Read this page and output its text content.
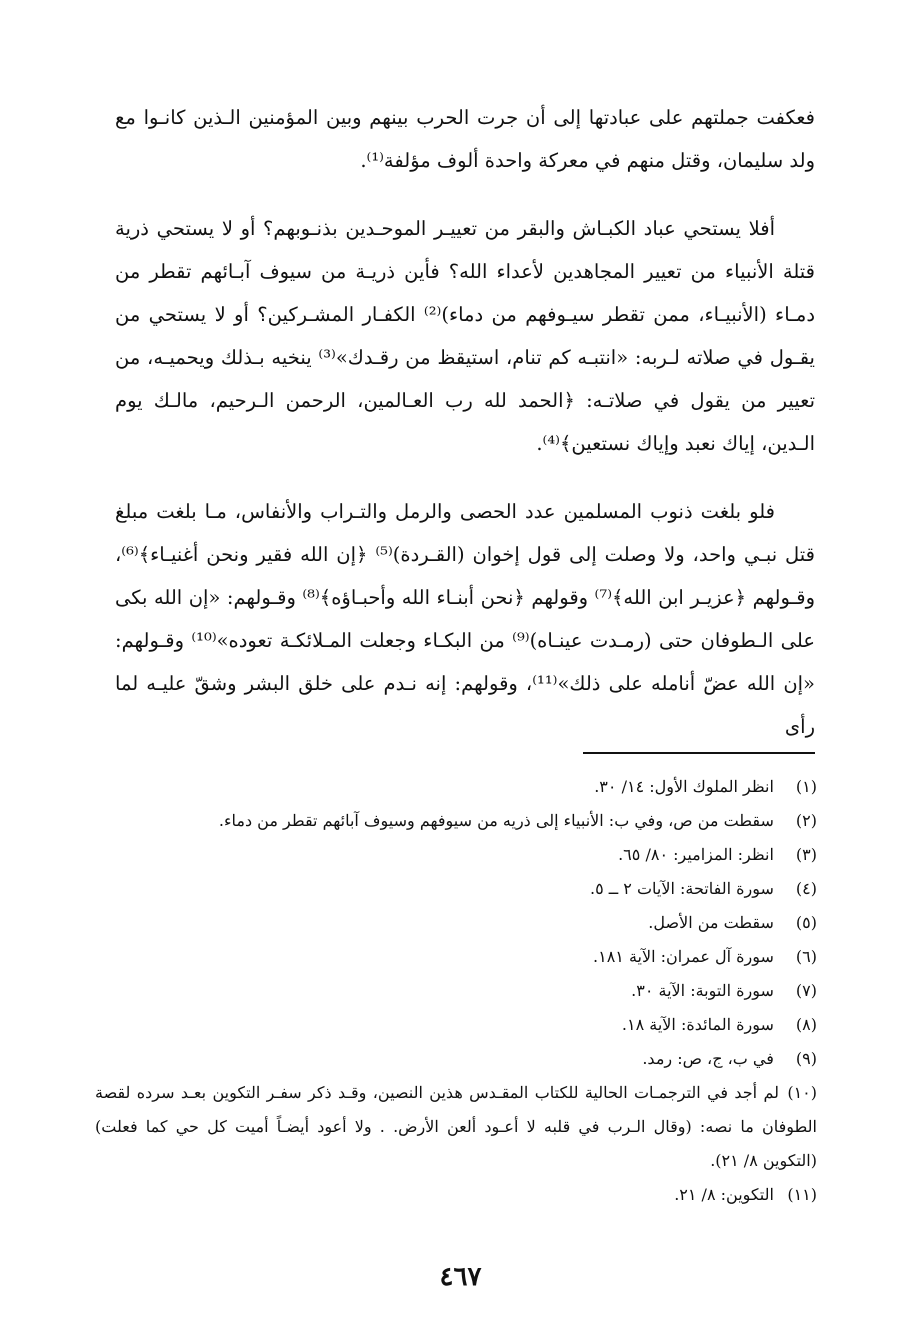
فعكفت جملتهم على عبادتها إلى أن جرت الحرب بينهم وبين المؤمنين الـذين كانـوا مع ولد سليمان، وقتل منهم في معركة واحدة ألوف مؤلفة⁽¹⁾.

أفلا يستحي عباد الكبـاش والبقر من تعييـر الموحـدين بذنـوبهم؟ أو لا يستحي ذرية قتلة الأنبياء من تعيير المجاهدين لأعداء الله؟ فأين ذريـة من سيوف آبـائهم تقطر من دمـاء (الأنبيـاء، ممن تقطر سيـوفهم من دماء)⁽²⁾ الكفـار المشـركين؟ أو لا يستحي من يقـول في صلاته لـربه: «انتبـه كم تنام، استيقظ من رقـدك»⁽³⁾ ينخيه بـذلك ويحميـه، من تعيير من يقول في صلاتـه: ﴿الحمد لله رب العـالمين، الرحمن الـرحيم، مالـك يوم الـدين، إياك نعبد وإياك نستعين﴾⁽⁴⁾.

فلو بلغت ذنوب المسلمين عدد الحصى والرمل والتـراب والأنفاس، مـا بلغت مبلغ قتل نبـي واحد، ولا وصلت إلى قول إخوان (القـردة)⁽⁵⁾ ﴿إن الله فقير ونحن أغنيـاء﴾⁽⁶⁾، وقـولهم ﴿عزيـر ابن الله﴾⁽⁷⁾ وقولهم ﴿نحن أبنـاء الله وأحبـاؤه﴾⁽⁸⁾ وقـولهم: «إن الله بكى على الـطوفان حتى (رمـدت عينـاه)⁽⁹⁾ من البكـاء وجعلت المـلائكـة تعوده»⁽¹⁰⁾ وقـولهم: «إن الله عضّ أنامله على ذلك»⁽¹¹⁾، وقولهم: إنه نـدم على خلق البشر وشقّ عليـه لما رأى

(١) انظر الملوك الأول: ١٤/ ٣٠.
(٢) سقطت من ص، وفي ب: الأنبياء إلى ذريه من سيوفهم وسيوف آبائهم تقطر من دماء.
(٣) انظر: المزامير: ٨٠/ ٦٥.
(٤) سورة الفاتحة: الآيات ٢ ــ ٥.
(٥) سقطت من الأصل.
(٦) سورة آل عمران: الآية ١٨١.
(٧) سورة التوبة: الآية ٣٠.
(٨) سورة المائدة: الآية ١٨.
(٩) في ب، ج، ص: رمد.
(١٠)لم أجد في الترجمـات الحالية للكتاب المقـدس هذين النصين، وقـد ذكر سفـر التكوين بعـد سرده لقصة الطوفان ما نصه: (وقال الـرب في قلبه لا أعـود ألعن الأرض. . ولا أعود أيضـاً أميت كل حي كما فعلت) (التكوين ٨/ ٢١).
(١١) التكوين: ٨/ ٢١.
٤٦٧
